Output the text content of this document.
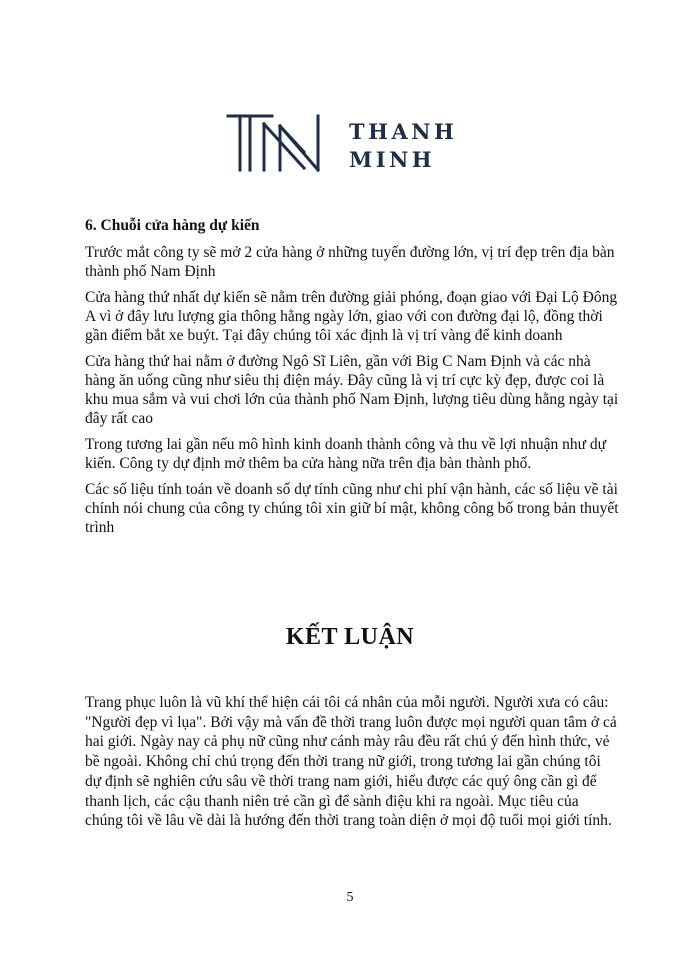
THANH
MINH
6. Chuỗi cửa hàng dự kiến

Trước mắt công ty sẽ mở 2 cửa hàng ở những tuyến đường lớn, vị trí đẹp trên địa bàn thành phố Nam Định

Cửa hàng thứ nhất dự kiến sẽ nằm trên đường giải phóng, đoạn giao với Đại Lộ Đông A vì ở đây lưu lượng gia thông hằng ngày lớn, giao với con đường đại lộ, đồng thời gần điểm bắt xe buýt. Tại đây chúng tôi xác định là vị trí vàng để kinh doanh

Cửa hàng thứ hai nằm ở đường Ngô Sĩ Liên, gần với Big C Nam Định và các nhà hàng ăn uống cũng như siêu thị điện máy. Đây cũng là vị trí cực kỳ đẹp, được coi là khu mua sắm và vui chơi lớn của thành phố Nam Định, lượng tiêu dùng hằng ngày tại đây rất cao

Trong tương lai gần nếu mô hình kinh doanh thành công và thu về lợi nhuận như dự kiến. Công ty dự định mở thêm ba cửa hàng nữa trên địa bàn thành phố.

Các số liệu tính toán về doanh số dự tính cũng như chi phí vận hành, các số liệu về tài chính nói chung của công ty chúng tôi xin giữ bí mật, không công bố trong bản thuyết trình

KẾT LUẬN

Trang phục luôn là vũ khí thể hiện cái tôi cá nhân của mỗi người. Người xưa có câu: "Người đẹp vì lụa". Bởi vậy mà vấn đề thời trang luôn được mọi người quan tâm ở cả hai giới. Ngày nay cả phụ nữ cũng như cánh mày râu đều rất chú ý đến hình thức, vẻ bề ngoài. Không chỉ chú trọng đến thời trang nữ giới, trong tương lai gần chúng tôi dự định sẽ nghiên cứu sâu về thời trang nam giới, hiểu được các quý ông cần gì để thanh lịch, các cậu thanh niên trẻ cần gì để sành điệu khi ra ngoài. Mục tiêu của chúng tôi về lâu về dài là hướng đến thời trang toàn diện ở mọi độ tuổi mọi giới tính.

5
